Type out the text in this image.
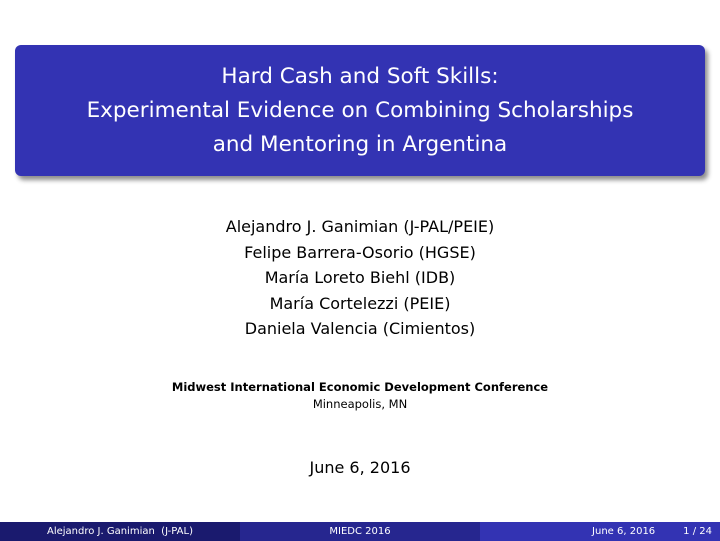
Hard Cash and Soft Skills:
Experimental Evidence on Combining Scholarships
and Mentoring in Argentina
Alejandro J. Ganimian (J-PAL/PEIE)
Felipe Barrera-Osorio (HGSE)
María Loreto Biehl (IDB)
María Cortelezzi (PEIE)
Daniela Valencia (Cimientos)
Midwest International Economic Development Conference
Minneapolis, MN
June 6, 2016
Alejandro J. Ganimian  (J-PAL)	MIEDC 2016	June 6, 2016	1 / 24
